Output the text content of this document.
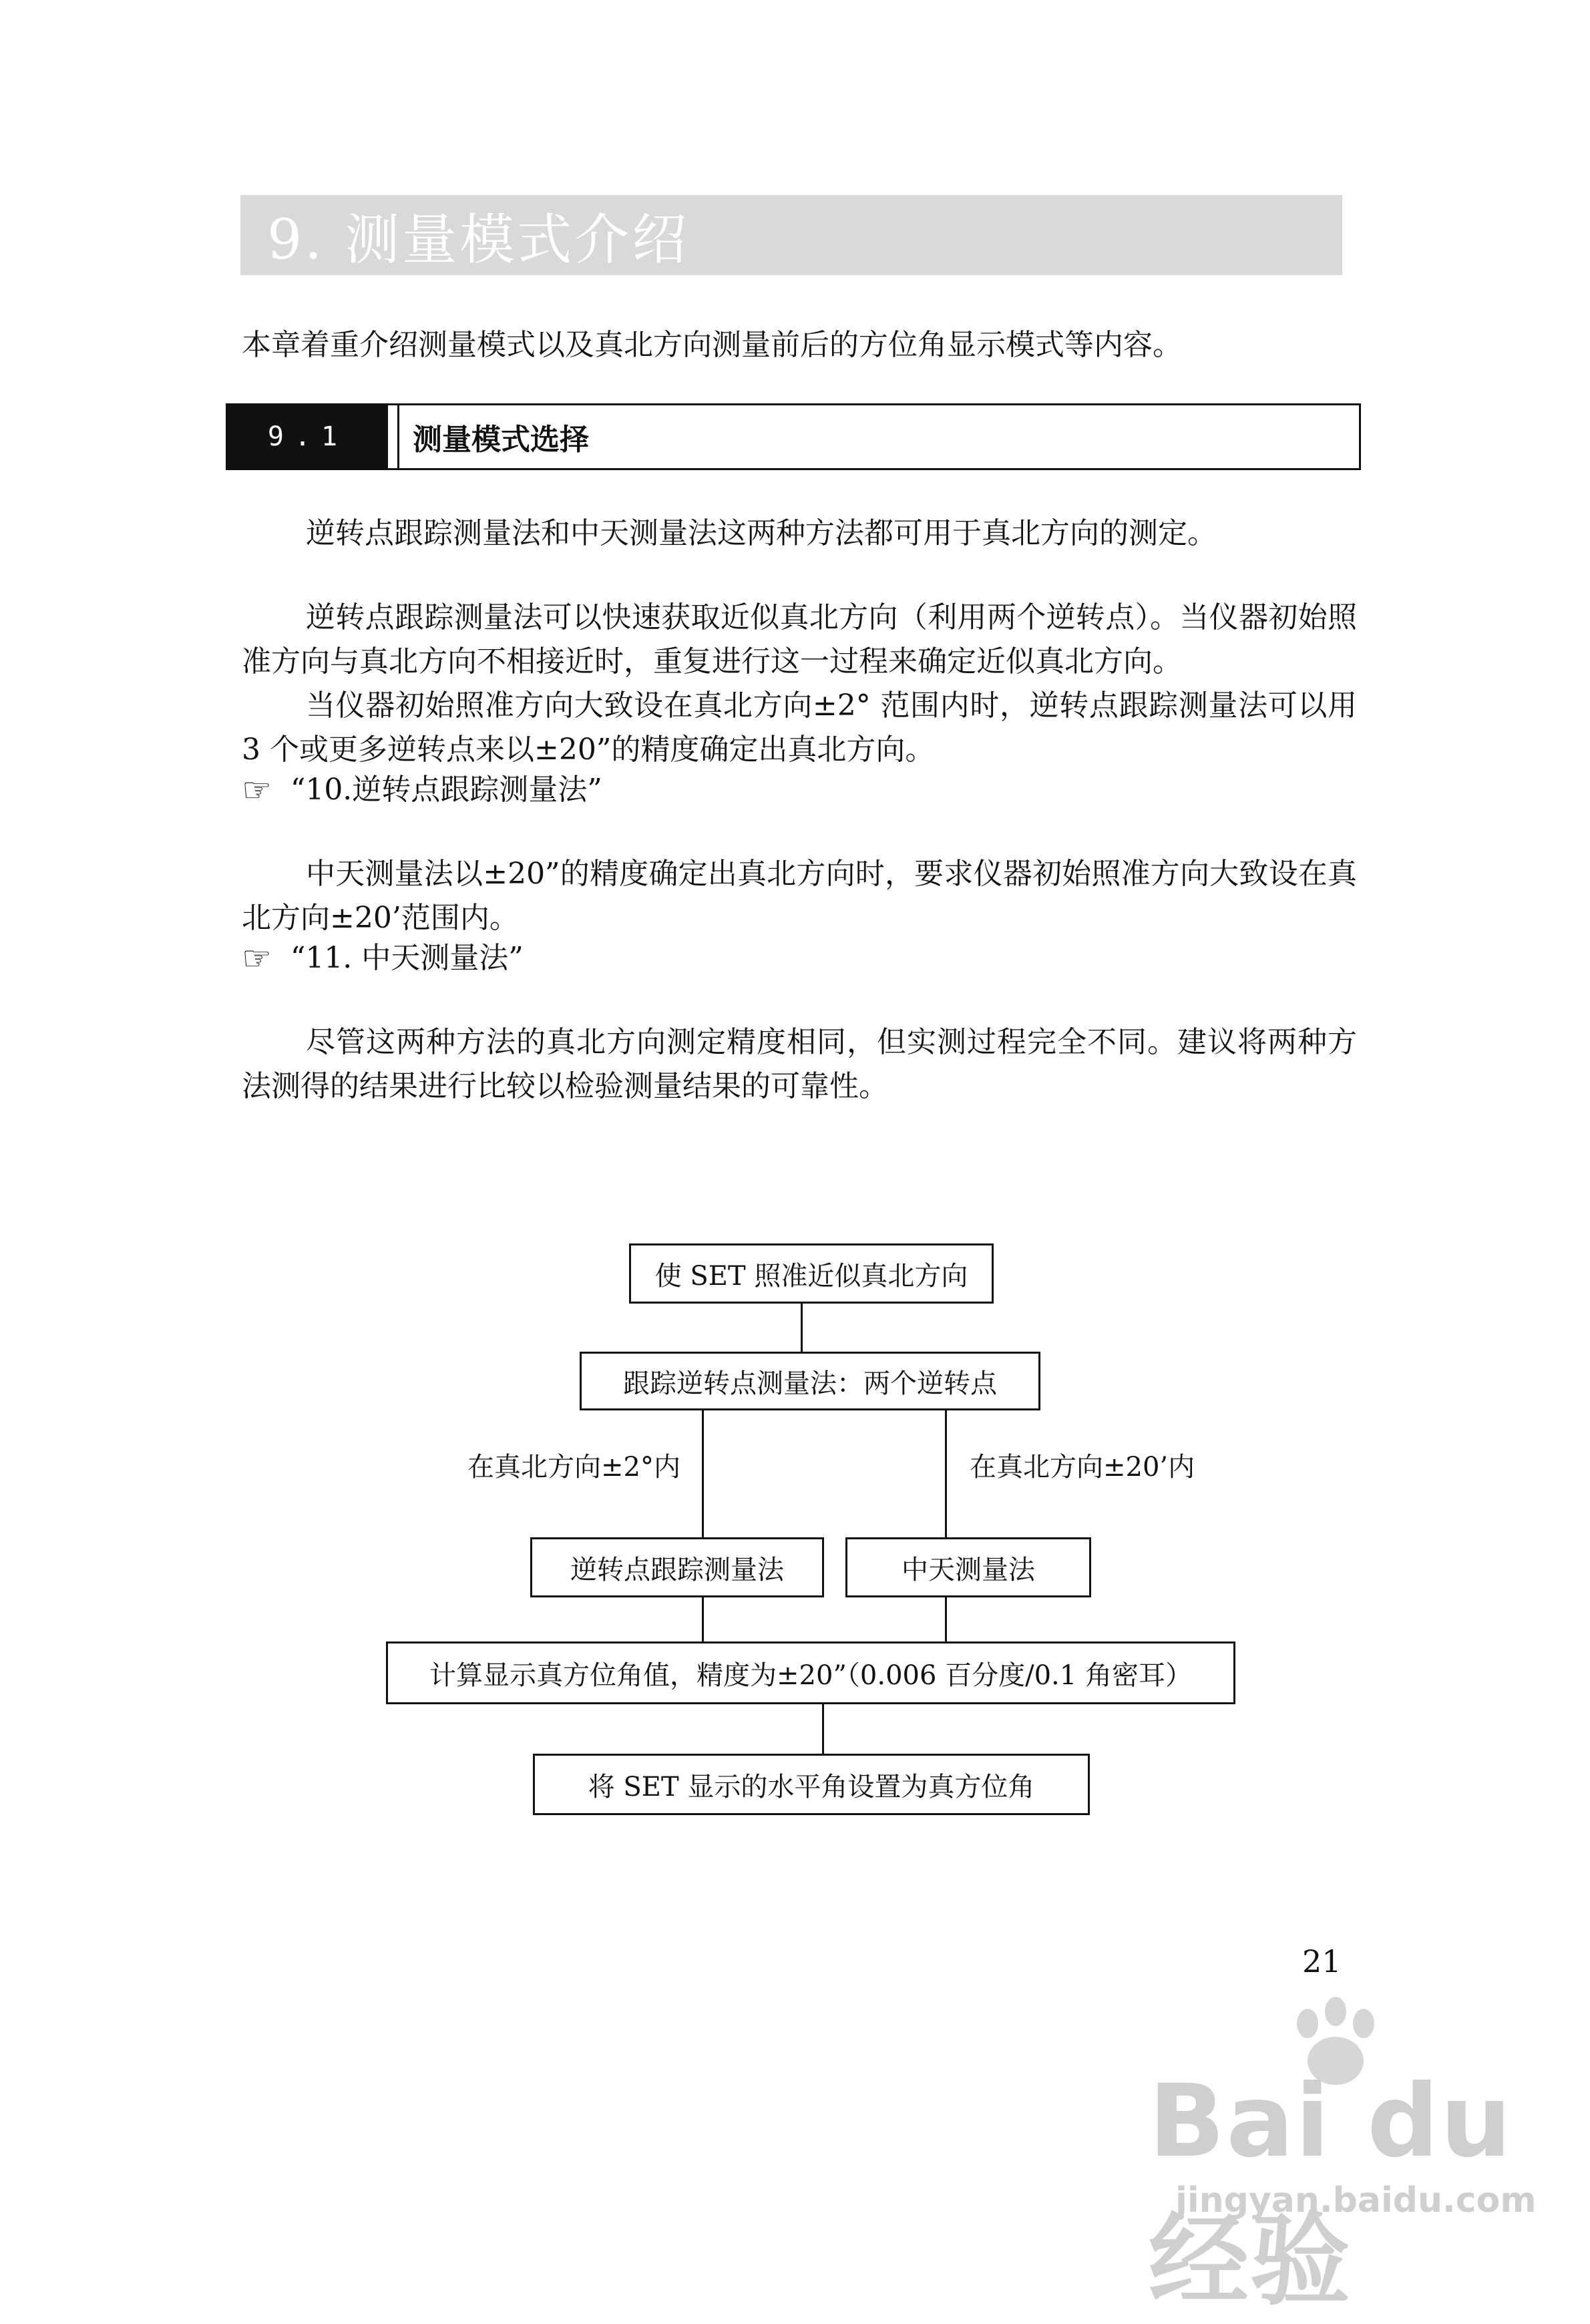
9. 测量模式介绍
本章着重介绍测量模式以及真北方向测量前后的方位角显示模式等内容。
9.1	测量模式选择
逆转点跟踪测量法和中天测量法这两种方法都可用于真北方向的测定。
逆转点跟踪测量法可以快速获取近似真北方向（利用两个逆转点）。当仪器初始照准方向与真北方向不相接近时，重复进行这一过程来确定近似真北方向。
当仪器初始照准方向大致设在真北方向±2° 范围内时，逆转点跟踪测量法可以用 3 个或更多逆转点来以±20”的精度确定出真北方向。
☞ “10.逆转点跟踪测量法”
中天测量法以±20”的精度确定出真北方向时，要求仪器初始照准方向大致设在真北方向±20’范围内。
☞ “11. 中天测量法”
尽管这两种方法的真北方向测定精度相同，但实测过程完全不同。建议将两种方法测得的结果进行比较以检验测量结果的可靠性。
使 SET 照准近似真北方向
跟踪逆转点测量法：两个逆转点
在真北方向±2°内	在真北方向±20’内
逆转点跟踪测量法	中天测量法
计算显示真方位角值，精度为±20”（0.006 百分度/0.1 角密耳）
将 SET 显示的水平角设置为真方位角
21
Bai du 经验
jingyan.baidu.com
